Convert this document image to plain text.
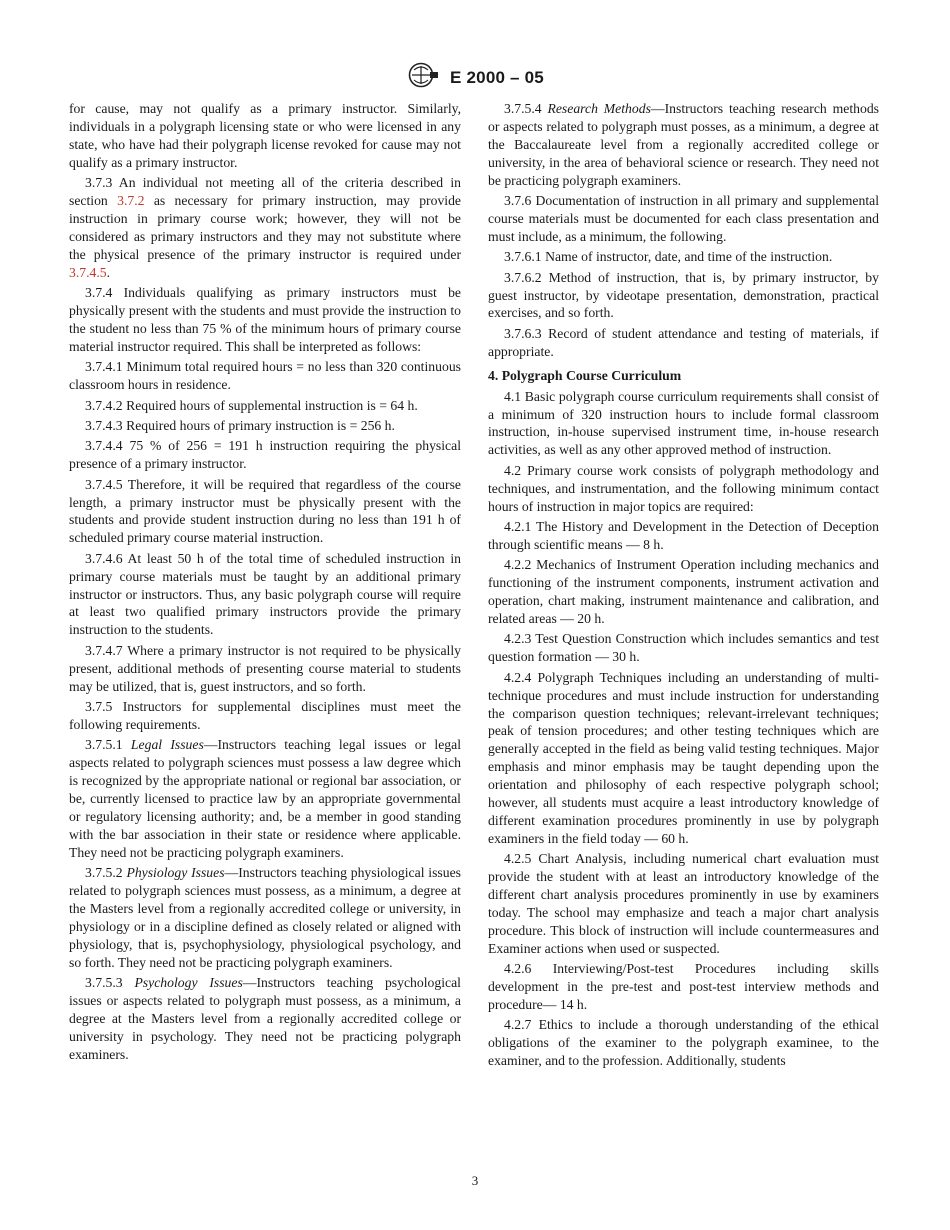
E 2000 – 05

for cause, may not qualify as a primary instructor. Similarly, individuals in a polygraph licensing state or who were licensed in any state, who have had their polygraph license revoked for cause may not qualify as a primary instructor.

3.7.3 An individual not meeting all of the criteria described in section 3.7.2 as necessary for primary instruction, may provide instruction in primary course work; however, they will not be considered as primary instructors and they may not substitute where the physical presence of the primary instructor is required under 3.7.4.5.

3.7.4 Individuals qualifying as primary instructors must be physically present with the students and must provide the instruction to the student no less than 75 % of the minimum hours of primary course material instructor required. This shall be interpreted as follows:

3.7.4.1 Minimum total required hours = no less than 320 continuous classroom hours in residence.

3.7.4.2 Required hours of supplemental instruction is = 64 h.

3.7.4.3 Required hours of primary instruction is = 256 h.

3.7.4.4 75 % of 256 = 191 h instruction requiring the physical presence of a primary instructor.

3.7.4.5 Therefore, it will be required that regardless of the course length, a primary instructor must be physically present with the students and provide student instruction during no less than 191 h of scheduled primary course material instruction.

3.7.4.6 At least 50 h of the total time of scheduled instruction in primary course materials must be taught by an additional primary instructor or instructors. Thus, any basic polygraph course will require at least two qualified primary instructors provide the primary instruction to the students.

3.7.4.7 Where a primary instructor is not required to be physically present, additional methods of presenting course material to students may be utilized, that is, guest instructors, and so forth.

3.7.5 Instructors for supplemental disciplines must meet the following requirements.

3.7.5.1 Legal Issues—Instructors teaching legal issues or legal aspects related to polygraph sciences must possess a law degree which is recognized by the appropriate national or regional bar association, or be, currently licensed to practice law by an appropriate governmental or regulatory licensing authority; and, be a member in good standing with the bar association in their state or residence where applicable. They need not be practicing polygraph examiners.

3.7.5.2 Physiology Issues—Instructors teaching physiological issues related to polygraph sciences must possess, as a minimum, a degree at the Masters level from a regionally accredited college or university, in physiology or in a discipline defined as closely related or aligned with physiology, that is, psychophysiology, physiological psychology, and so forth. They need not be practicing polygraph examiners.

3.7.5.3 Psychology Issues—Instructors teaching psychological issues or aspects related to polygraph must possess, as a minimum, a degree at the Masters level from a regionally accredited college or university in psychology. They need not be practicing polygraph examiners.

3.7.5.4 Research Methods—Instructors teaching research methods or aspects related to polygraph must posses, as a minimum, a degree at the Baccalaureate level from a regionally accredited college or university, in the area of behavioral science or research. They need not be practicing polygraph examiners.

3.7.6 Documentation of instruction in all primary and supplemental course materials must be documented for each class presentation and must include, as a minimum, the following.

3.7.6.1 Name of instructor, date, and time of the instruction.

3.7.6.2 Method of instruction, that is, by primary instructor, by guest instructor, by videotape presentation, demonstration, practical exercises, and so forth.

3.7.6.3 Record of student attendance and testing of materials, if appropriate.

4. Polygraph Course Curriculum

4.1 Basic polygraph course curriculum requirements shall consist of a minimum of 320 instruction hours to include formal classroom instruction, in-house supervised instrument time, in-house research activities, as well as any other approved method of instruction.

4.2 Primary course work consists of polygraph methodology and techniques, and instrumentation, and the following minimum contact hours of instruction in major topics are required:

4.2.1 The History and Development in the Detection of Deception through scientific means — 8 h.

4.2.2 Mechanics of Instrument Operation including mechanics and functioning of the instrument components, instrument activation and operation, chart making, instrument maintenance and calibration, and related areas — 20 h.

4.2.3 Test Question Construction which includes semantics and test question formation — 30 h.

4.2.4 Polygraph Techniques including an understanding of multi-technique procedures and must include instruction for understanding the comparison question techniques; relevant-irrelevant techniques; peak of tension procedures; and other testing techniques which are generally accepted in the field as being valid testing techniques. Major emphasis and minor emphasis may be taught depending upon the orientation and philosophy of each respective polygraph school; however, all students must acquire a least introductory knowledge of different examination procedures prominently in use by polygraph examiners in the field today — 60 h.

4.2.5 Chart Analysis, including numerical chart evaluation must provide the student with at least an introductory knowledge of the different chart analysis procedures prominently in use by examiners today. The school may emphasize and teach a major chart analysis procedure. This block of instruction will include countermeasures and Examiner actions when used or suspected.

4.2.6 Interviewing/Post-test Procedures including skills development in the pre-test and post-test interview methods and procedure— 14 h.

4.2.7 Ethics to include a thorough understanding of the ethical obligations of the examiner to the polygraph examinee, to the examiner, and to the profession. Additionally, students

3
